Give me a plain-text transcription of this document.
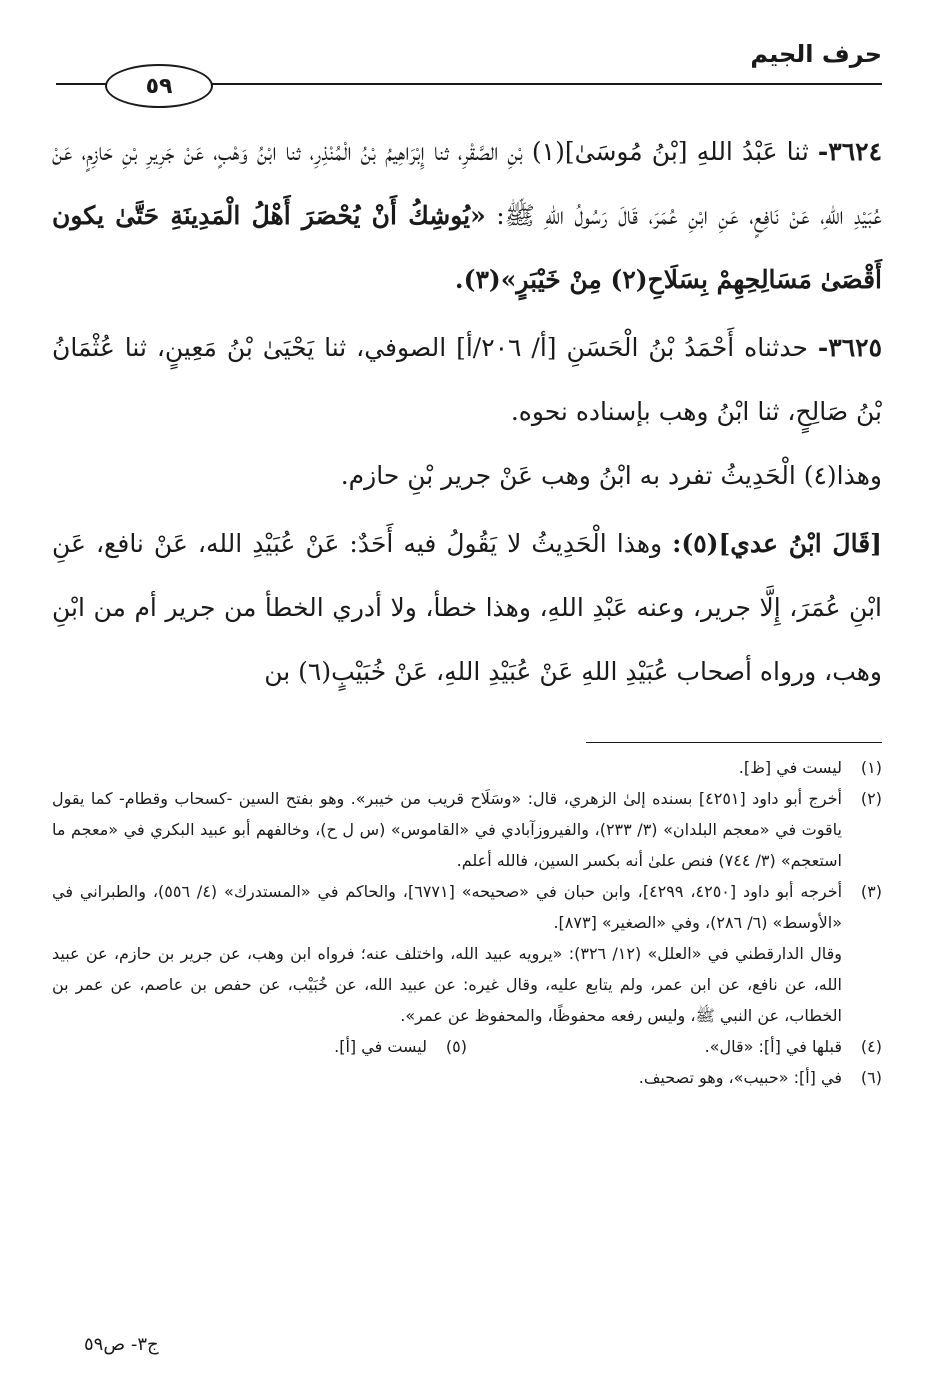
حرف الجيم
٥٩

٣٦٢٤- ثنا عَبْدُ اللهِ [بْنُ مُوسَىٰ](١) بْنِ الصَّقْرِ، ثنا إِبْرَاهِيمُ بْنُ الْمُنْذِرِ، ثنا ابْنُ وَهْبٍ، عَنْ جَرِيرِ بْنِ حَازِمٍ، عَنْ عُبَيْدِ اللهِ، عَنْ نَافِعٍ، عَنِ ابْنِ عُمَرَ، قَالَ رَسُولُ اللهِ ﷺ: «يُوشِكُ أَنْ يُحْصَرَ أَهْلُ الْمَدِينَةِ حَتَّىٰ يكون أَقْصَىٰ مَسَالِحِهِمْ بِسَلَاحِ(٢) مِنْ خَيْبَرٍ»(٣).

٣٦٢٥- حدثناه أَحْمَدُ بْنُ الْحَسَنِ [أ/ ٢٠٦/أ] الصوفي، ثنا يَحْيَىٰ بْنُ مَعِينٍ، ثنا عُثْمَانُ بْنُ صَالِحٍ، ثنا ابْنُ وهب بإسناده نحوه.

وهذا(٤) الْحَدِيثُ تفرد به ابْنُ وهب عَنْ جرير بْنِ حازم.

[قَالَ ابْنُ عدي](٥): وهذا الْحَدِيثُ لا يَقُولُ فيه أَحَدٌ: عَنْ عُبَيْدِ الله، عَنْ نافع، عَنِ ابْنِ عُمَرَ، إِلَّا جرير، وعنه عَبْدِ اللهِ، وهذا خطأ، ولا أدري الخطأ من جرير أم من ابْنِ وهب، ورواه أصحاب عُبَيْدِ اللهِ عَنْ عُبَيْدِ اللهِ، عَنْ خُبَيْبٍ(٦) بن

(١)
ليست في [ظ].
(٢)
أخرج أبو داود [٤٢٥١] بسنده إلىٰ الزهري، قال: «وسَلَاح قريب من خيبر». وهو بفتح السين -كسحاب وقطام- كما يقول ياقوت في «معجم البلدان» (٣/ ٢٣٣)، والفيروزآبادي في «القاموس» (س ل ح)، وخالفهم أبو عبيد البكري في «معجم ما استعجم» (٣/ ٧٤٤) فنص علىٰ أنه بكسر السين، فالله أعلم.
(٣)

أخرجه أبو داود [٤٢٥٠، ٤٢٩٩]، وابن حبان في «صحيحه» [٦٧٧١]، والحاكم في «المستدرك» (٤/ ٥٥٦)، والطبراني في «الأوسط» (٦/ ٢٨٦)، وفي «الصغير» [٨٧٣].

وقال الدارقطني في «العلل» (١٢/ ٣٢٦): «يرويه عبيد الله، واختلف عنه؛ فرواه ابن وهب، عن جرير بن حازم، عن عبيد الله، عن نافع، عن ابن عمر، ولم يتابع عليه، وقال غيره: عن عبيد الله، عن خُبَيْب، عن حفص بن عاصم، عن عمر بن الخطاب، عن النبي ﷺ، وليس رفعه محفوظًا، والمحفوظ عن عمر».

(٤)
قبلها في [أ]: «قال».
(٥)
ليست في [أ].
(٦)
في [أ]: «حبيب»، وهو تصحيف.
ج٣- ص٥٩
